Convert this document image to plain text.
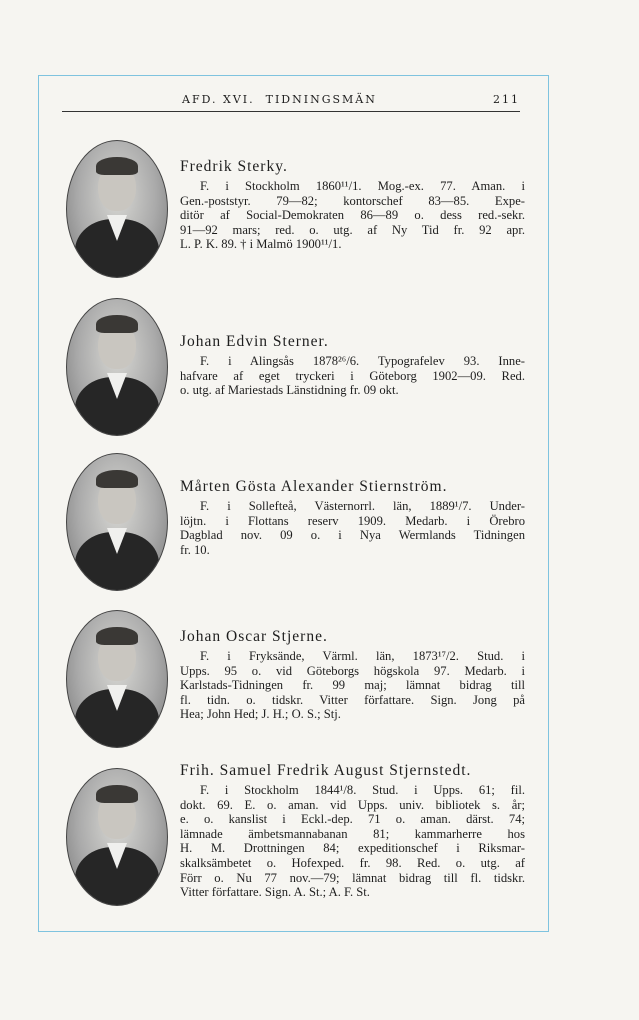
AFD. XVI.  TIDNINGSMÄN	211
Fredrik Sterky.
F. i Stockholm 1860¹¹/1. Mog.-ex. 77. Aman. i
Gen.-poststyr. 79—82; kontorschef 83—85. Expe-
ditör af Social-Demokraten 86—89 o. dess red.-sekr.
91—92 mars; red. o. utg. af Ny Tid fr. 92 apr.
L. P. K. 89. † i Malmö 1900¹¹/1.
Johan Edvin Sterner.
F. i Alingsås 1878²⁶/6. Typografelev 93. Inne-
hafvare af eget tryckeri i Göteborg 1902—09. Red.
o. utg. af Mariestads Länstidning fr. 09 okt.
Mårten Gösta Alexander Stiernström.
F. i Sollefteå, Västernorrl. län, 1889¹/7. Under-
löjtn. i Flottans reserv 1909. Medarb. i Örebro
Dagblad nov. 09 o. i Nya Wermlands Tidningen
fr. 10.
Johan Oscar Stjerne.
F. i Fryksände, Värml. län, 1873¹⁷/2. Stud. i
Upps. 95 o. vid Göteborgs högskola 97. Medarb. i
Karlstads-Tidningen fr. 99 maj; lämnat bidrag till
fl. tidn. o. tidskr. Vitter författare. Sign. Jong på
Hea; John Hed; J. H.; O. S.; Stj.
Frih. Samuel Fredrik August Stjernstedt.
F. i Stockholm 1844¹/8. Stud. i Upps. 61; fil.
dokt. 69. E. o. aman. vid Upps. univ. bibliotek s. år;
e. o. kanslist i Eckl.-dep. 71 o. aman. därst. 74;
lämnade ämbetsmannabanan 81; kammarherre hos
H. M. Drottningen 84; expeditionschef i Riksmar-
skalksämbetet o. Hofexped. fr. 98. Red. o. utg. af
Förr o. Nu 77 nov.—79; lämnat bidrag till fl. tidskr.
Vitter författare. Sign. A. St.; A. F. St.
